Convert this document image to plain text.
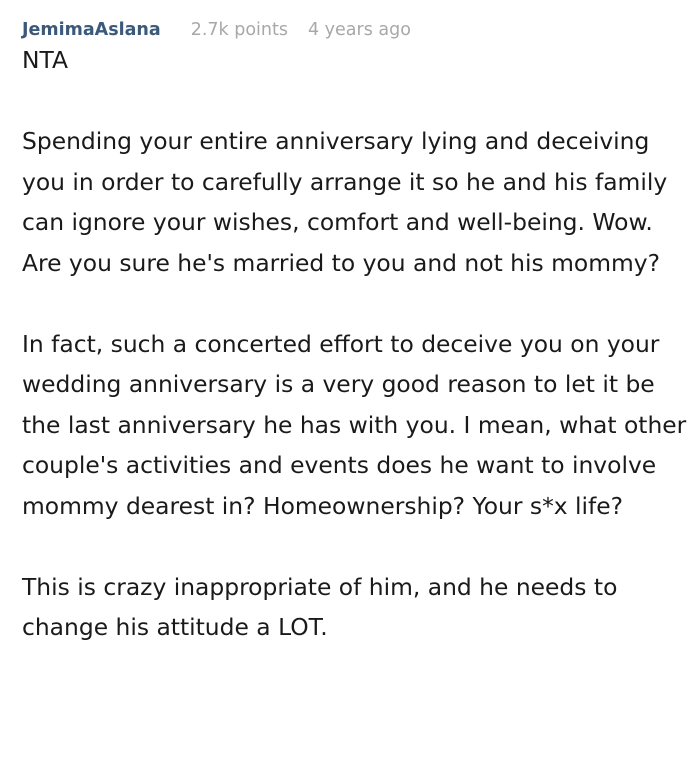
JemimaAslana 2.7k points 4 years ago

NTA

Spending your entire anniversary lying and deceiving you in order to carefully arrange it so he and his family can ignore your wishes, comfort and well-being. Wow. Are you sure he's married to you and not his mommy?

In fact, such a concerted effort to deceive you on your wedding anniversary is a very good reason to let it be the last anniversary he has with you. I mean, what other couple's activities and events does he want to involve mommy dearest in? Homeownership? Your s*x life?

This is crazy inappropriate of him, and he needs to change his attitude a LOT.
